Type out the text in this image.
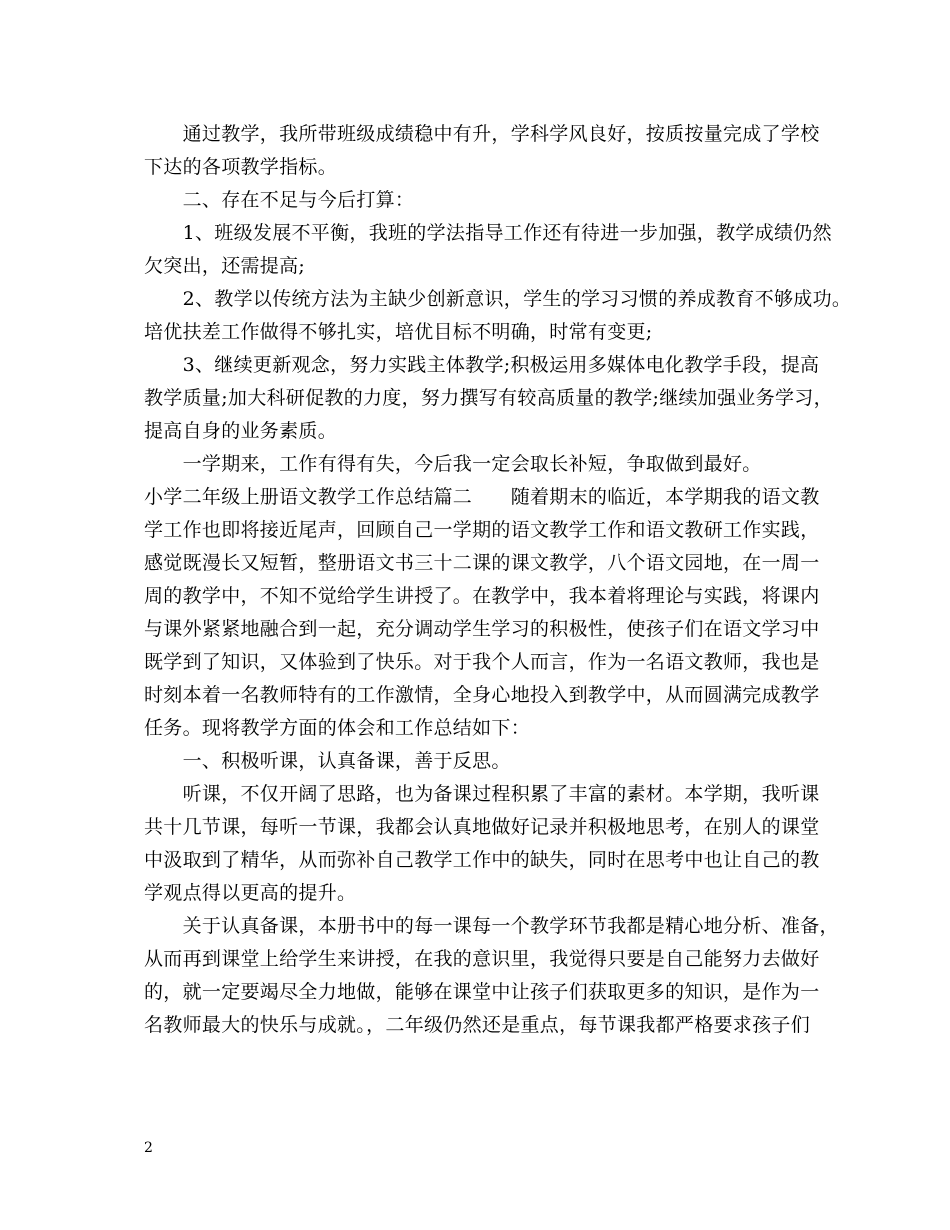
　　通过教学，我所带班级成绩稳中有升，学科学风良好，按质按量完成了学校
下达的各项教学指标。
　　二、存在不足与今后打算：
　　1、班级发展不平衡，我班的学法指导工作还有待进一步加强，教学成绩仍然
欠突出，还需提高;
　　2、教学以传统方法为主缺少创新意识，学生的学习习惯的养成教育不够成功。
培优扶差工作做得不够扎实，培优目标不明确，时常有变更;
　　3、继续更新观念，努力实践主体教学;积极运用多媒体电化教学手段，提高
教学质量;加大科研促教的力度，努力撰写有较高质量的教学;继续加强业务学习，
提高自身的业务素质。
　　一学期来，工作有得有失，今后我一定会取长补短，争取做到最好。
小学二年级上册语文教学工作总结篇二　　随着期末的临近，本学期我的语文教
学工作也即将接近尾声，回顾自己一学期的语文教学工作和语文教研工作实践，
感觉既漫长又短暂，整册语文书三十二课的课文教学，八个语文园地，在一周一
周的教学中，不知不觉给学生讲授了。在教学中，我本着将理论与实践，将课内
与课外紧紧地融合到一起，充分调动学生学习的积极性，使孩子们在语文学习中
既学到了知识，又体验到了快乐。对于我个人而言，作为一名语文教师，我也是
时刻本着一名教师特有的工作激情，全身心地投入到教学中，从而圆满完成教学
任务。现将教学方面的体会和工作总结如下：
　　一、积极听课，认真备课，善于反思。
　　听课，不仅开阔了思路，也为备课过程积累了丰富的素材。本学期，我听课
共十几节课，每听一节课，我都会认真地做好记录并积极地思考，在别人的课堂
中汲取到了精华，从而弥补自己教学工作中的缺失，同时在思考中也让自己的教
学观点得以更高的提升。
　　关于认真备课，本册书中的每一课每一个教学环节我都是精心地分析、准备，
从而再到课堂上给学生来讲授，在我的意识里，我觉得只要是自己能努力去做好
的，就一定要竭尽全力地做，能够在课堂中让孩子们获取更多的知识，是作为一
名教师最大的快乐与成就。，二年级仍然还是重点，每节课我都严格要求孩子们
2
